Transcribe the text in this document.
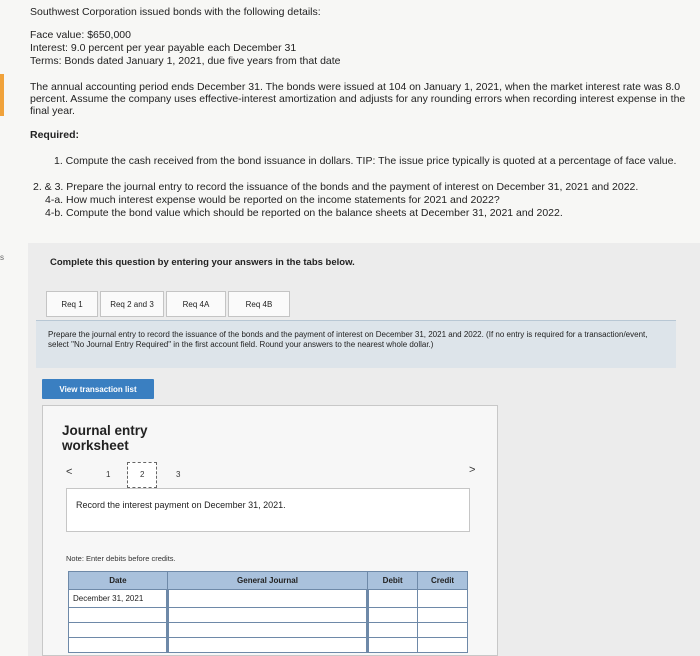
Southwest Corporation issued bonds with the following details:
Face value: $650,000
Interest: 9.0 percent per year payable each December 31
Terms: Bonds dated January 1, 2021, due five years from that date
The annual accounting period ends December 31. The bonds were issued at 104 on January 1, 2021, when the market interest rate was 8.0 percent. Assume the company uses effective-interest amortization and adjusts for any rounding errors when recording interest expense in the final year.
Required:
1. Compute the cash received from the bond issuance in dollars. TIP: The issue price typically is quoted at a percentage of face value.
2. & 3. Prepare the journal entry to record the issuance of the bonds and the payment of interest on December 31, 2021 and 2022.
4-a. How much interest expense would be reported on the income statements for 2021 and 2022?
4-b. Compute the bond value which should be reported on the balance sheets at December 31, 2021 and 2022.
s	Complete this question by entering your answers in the tabs below.
Req 1	Req 2 and 3	Req 4A	Req 4B
Prepare the journal entry to record the issuance of the bonds and the payment of interest on December 31, 2021 and 2022. (If no entry is required for a transaction/event, select "No Journal Entry Required" in the first account field. Round your answers to the nearest whole dollar.)
View transaction list
Journal entry worksheet
<	1	2	3	>
Record the interest payment on December 31, 2021.
Note: Enter debits before credits.
Date	General Journal	Debit	Credit
December 31, 2021			
